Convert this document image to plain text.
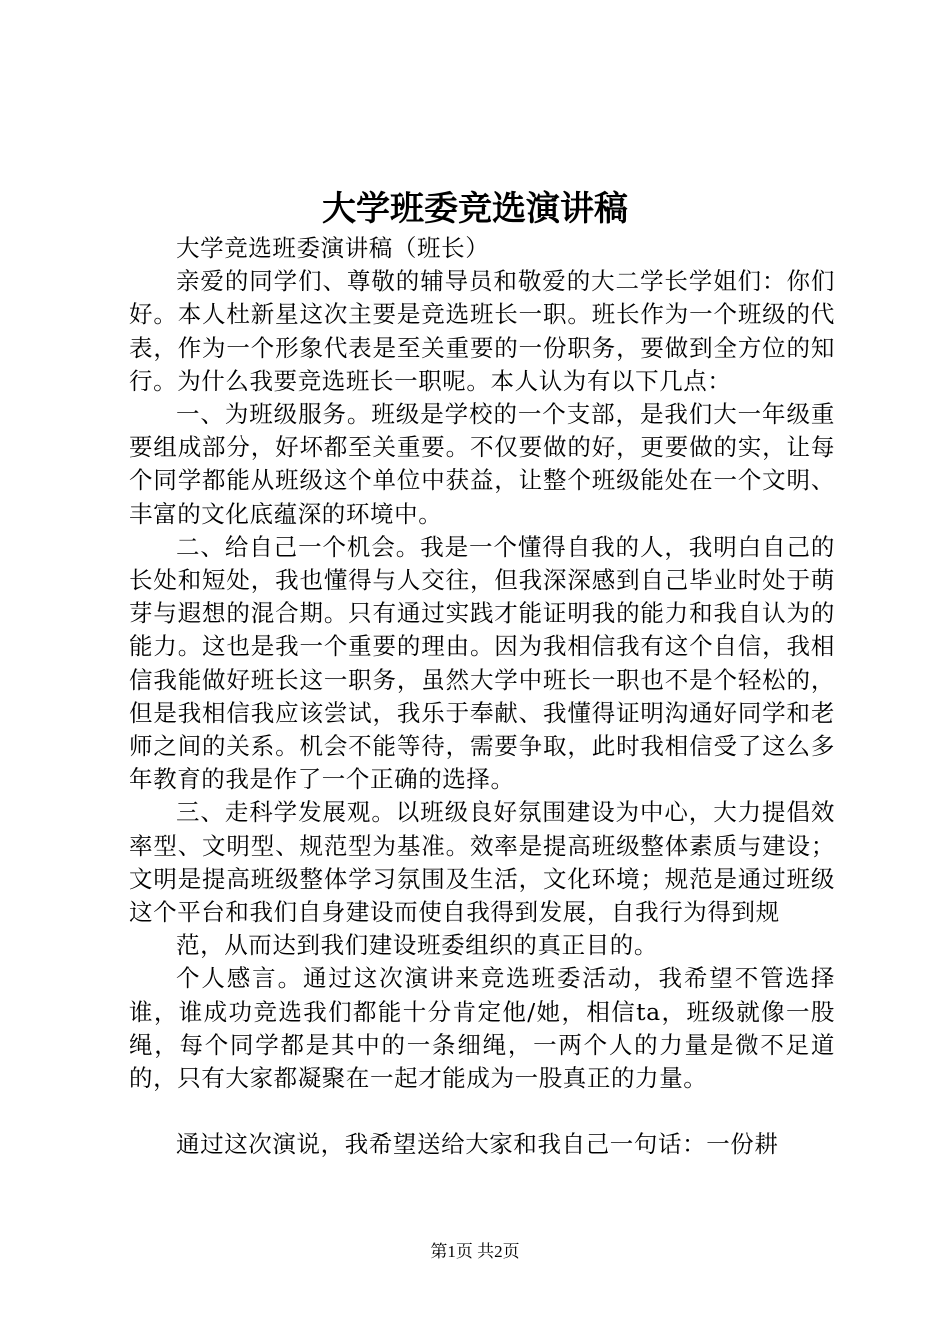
大学班委竞选演讲稿

大学竞选班委演讲稿（班长）

亲爱的同学们、尊敬的辅导员和敬爱的大二学长学姐们：你们好。本人杜新星这次主要是竞选班长一职。班长作为一个班级的代表，作为一个形象代表是至关重要的一份职务，要做到全方位的知行。为什么我要竞选班长一职呢。本人认为有以下几点：

一、为班级服务。班级是学校的一个支部，是我们大一年级重要组成部分，好坏都至关重要。不仅要做的好，更要做的实，让每个同学都能从班级这个单位中获益，让整个班级能处在一个文明、丰富的文化底蕴深的环境中。

二、给自己一个机会。我是一个懂得自我的人，我明白自己的长处和短处，我也懂得与人交往，但我深深感到自己毕业时处于萌芽与遐想的混合期。只有通过实践才能证明我的能力和我自认为的能力。这也是我一个重要的理由。因为我相信我有这个自信，我相信我能做好班长这一职务，虽然大学中班长一职也不是个轻松的，但是我相信我应该尝试，我乐于奉献、我懂得证明沟通好同学和老师之间的关系。机会不能等待，需要争取，此时我相信受了这么多年教育的我是作了一个正确的选择。

三、走科学发展观。以班级良好氛围建设为中心，大力提倡效率型、文明型、规范型为基准。效率是提高班级整体素质与建设；文明是提高班级整体学习氛围及生活，文化环境；规范是通过班级这个平台和我们自身建设而使自我得到发展，自我行为得到规

范，从而达到我们建设班委组织的真正目的。

个人感言。通过这次演讲来竞选班委活动，我希望不管选择谁，谁成功竞选我们都能十分肯定他/她，相信ta，班级就像一股绳，每个同学都是其中的一条细绳，一两个人的力量是微不足道的，只有大家都凝聚在一起才能成为一股真正的力量。

通过这次演说，我希望送给大家和我自己一句话：一份耕

第1页 共2页
